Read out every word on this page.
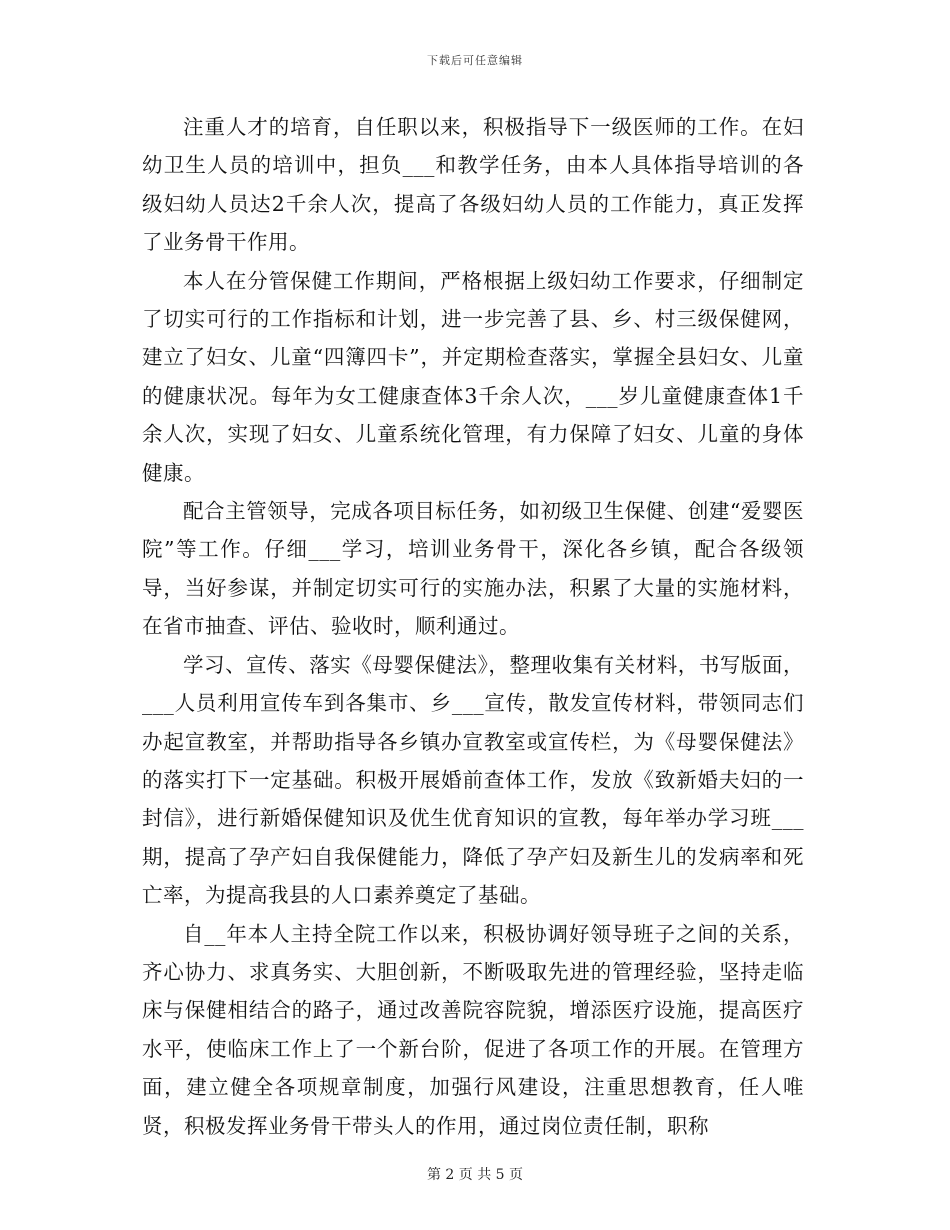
下载后可任意编辑

注重人才的培育，自任职以来，积极指导下一级医师的工作。在妇幼卫生人员的培训中，担负___和教学任务，由本人具体指导培训的各级妇幼人员达2千余人次，提高了各级妇幼人员的工作能力，真正发挥了业务骨干作用。

本人在分管保健工作期间，严格根据上级妇幼工作要求，仔细制定了切实可行的工作指标和计划，进一步完善了县、乡、村三级保健网，建立了妇女、儿童“四簿四卡”，并定期检查落实，掌握全县妇女、儿童的健康状况。每年为女工健康查体3千余人次，___岁儿童健康查体1千余人次，实现了妇女、儿童系统化管理，有力保障了妇女、儿童的身体健康。

配合主管领导，完成各项目标任务，如初级卫生保健、创建“爱婴医院”等工作。仔细___学习，培训业务骨干，深化各乡镇，配合各级领导，当好参谋，并制定切实可行的实施办法，积累了大量的实施材料，在省市抽查、评估、验收时，顺利通过。

学习、宣传、落实《母婴保健法》，整理收集有关材料，书写版面，___人员利用宣传车到各集市、乡___宣传，散发宣传材料，带领同志们办起宣教室，并帮助指导各乡镇办宣教室或宣传栏，为《母婴保健法》的落实打下一定基础。积极开展婚前查体工作，发放《致新婚夫妇的一封信》，进行新婚保健知识及优生优育知识的宣教，每年举办学习班___期，提高了孕产妇自我保健能力，降低了孕产妇及新生儿的发病率和死亡率，为提高我县的人口素养奠定了基础。

自__年本人主持全院工作以来，积极协调好领导班子之间的关系，齐心协力、求真务实、大胆创新，不断吸取先进的管理经验，坚持走临床与保健相结合的路子，通过改善院容院貌，增添医疗设施，提高医疗水平，使临床工作上了一个新台阶，促进了各项工作的开展。在管理方面，建立健全各项规章制度，加强行风建设，注重思想教育，任人唯贤，积极发挥业务骨干带头人的作用，通过岗位责任制，职称

第 2 页 共 5 页
